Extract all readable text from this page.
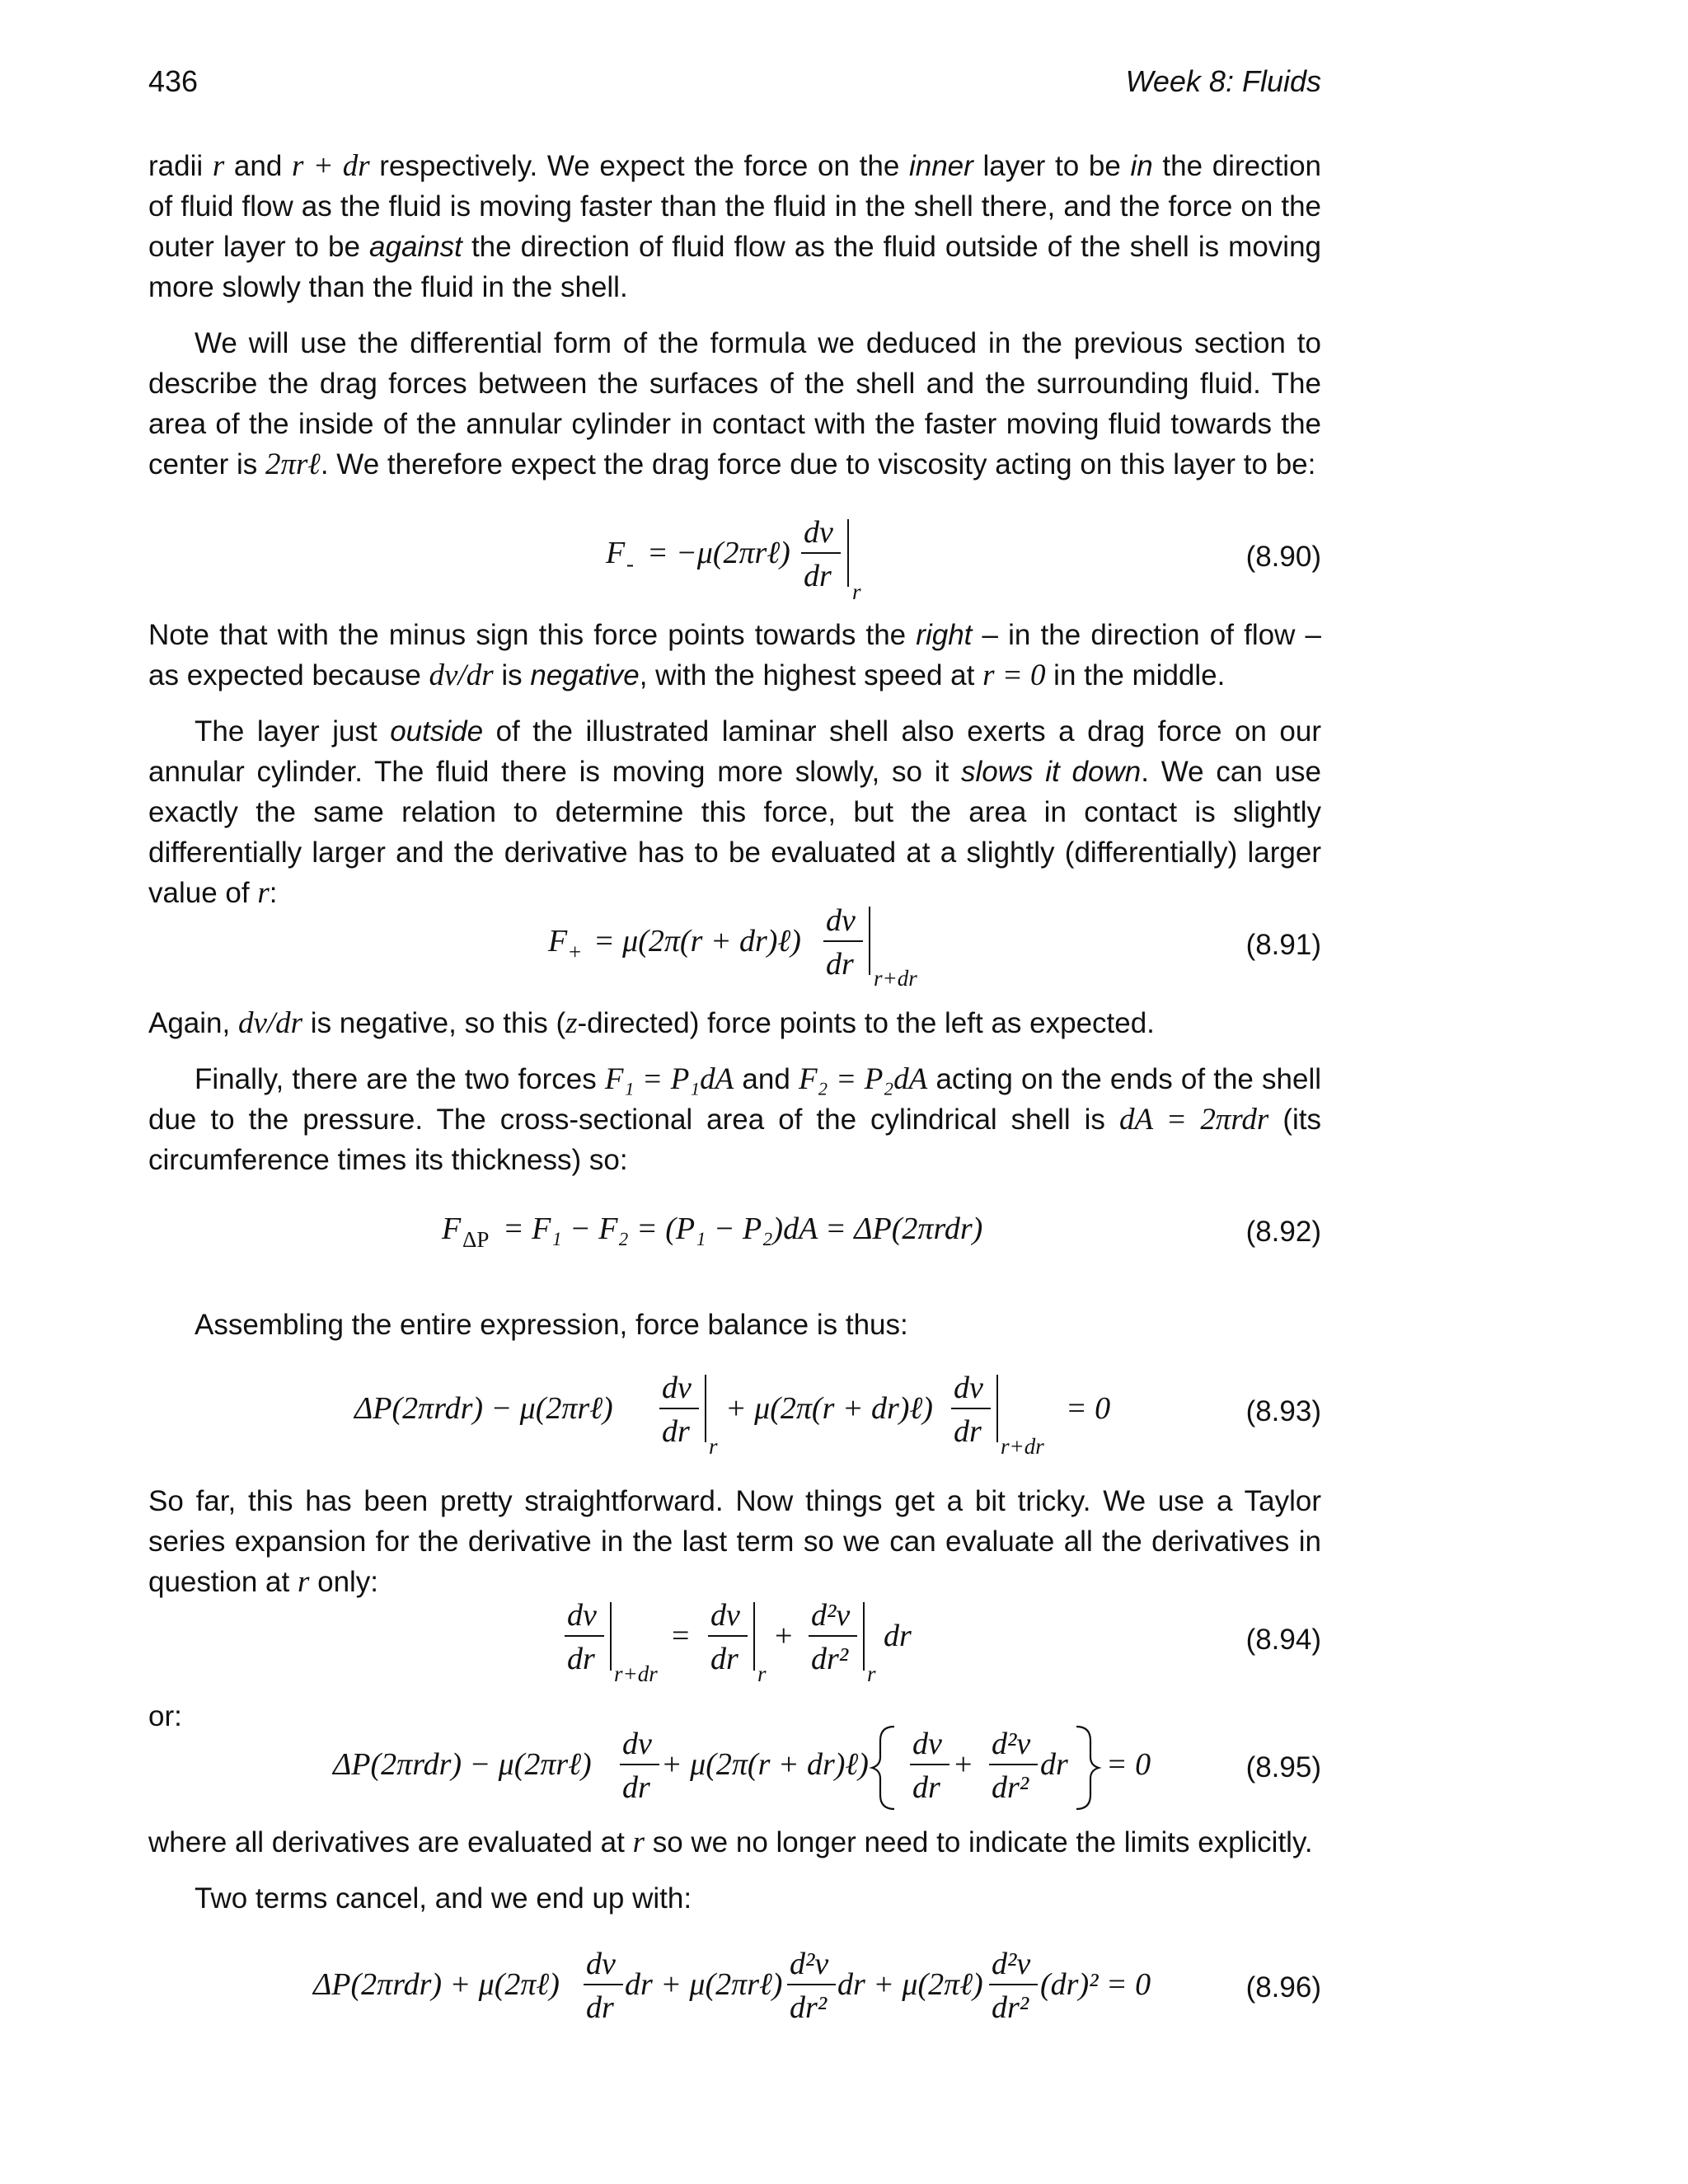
436	Week 8: Fluids

radii r and r + dr respectively. We expect the force on the inner layer to be in the direction of fluid flow as the fluid is moving faster than the fluid in the shell there, and the force on the outer layer to be against the direction of fluid flow as the fluid outside of the shell is moving more slowly than the fluid in the shell.

We will use the differential form of the formula we deduced in the previous section to describe the drag forces between the surfaces of the shell and the surrounding fluid. The area of the inside of the annular cylinder in contact with the faster moving fluid towards the center is 2πrℓ. We therefore expect the drag force due to viscosity acting on this layer to be:

Note that with the minus sign this force points towards the right – in the direction of flow – as expected because dv/dr is negative, with the highest speed at r = 0 in the middle.

The layer just outside of the illustrated laminar shell also exerts a drag force on our annular cylinder. The fluid there is moving more slowly, so it slows it down. We can use exactly the same relation to determine this force, but the area in contact is slightly differentially larger and the derivative has to be evaluated at a slightly (differentially) larger value of r:

Again, dv/dr is negative, so this (z-directed) force points to the left as expected.

Finally, there are the two forces F₁ = P₁dA and F₂ = P₂dA acting on the ends of the shell due to the pressure. The cross-sectional area of the cylindrical shell is dA = 2πrdr (its circumference times its thickness) so:

Assembling the entire expression, force balance is thus:

So far, this has been pretty straightforward. Now things get a bit tricky. We use a Taylor series expansion for the derivative in the last term so we can evaluate all the derivatives in question at r only:

or:

where all derivatives are evaluated at r so we no longer need to indicate the limits explicitly.

Two terms cancel, and we end up with:

(8.90)
(8.91)
(8.92)
(8.93)
(8.94)
(8.95)
(8.96)
F - = −μ(2πrℓ)
dv
dr r
F + = μ(2π(r + dr)ℓ)
dv
dr r+dr
F ΔP = F₁ − F₂ = (P₁ − P₂)dA = ΔP(2πrdr)
ΔP(2πrdr) − μ(2πrℓ)
dv
dr r
+ μ(2π(r + dr)ℓ)
dv
dr r+dr
= 0
dv
dr r+dr
=
dv
dr r
+
d²v
dr² r
dr
ΔP(2πrdr) − μ(2πrℓ)
dv
dr
+ μ(2π(r + dr)ℓ)
dv
dr
+
d²v
dr²
dr = 0
ΔP(2πrdr) + μ(2πℓ)
dv
dr
dr + μ(2πrℓ)
d²v
dr²
dr + μ(2πℓ)
d²v
dr²
(dr)² = 0
